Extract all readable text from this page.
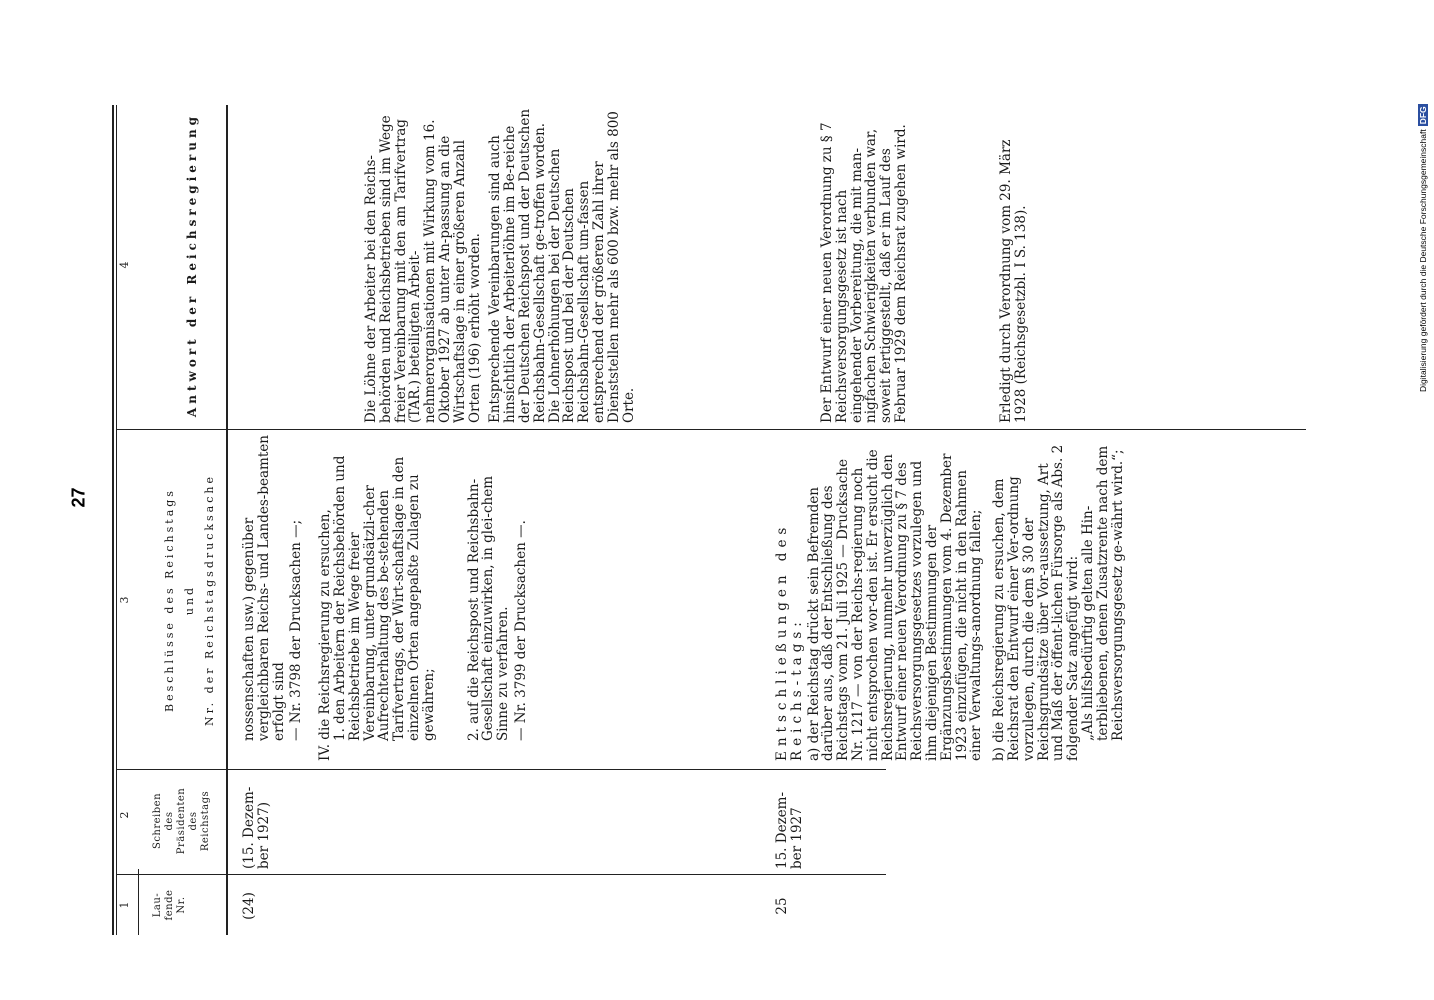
27
Digitalisierung gefördert durch die Deutsche ForschungsgemeinschaftDFG
1
2
3
4
Lau- fende Nr.
Schreiben des Präsidenten des Reichstags
Beschlüsse des Reichstags und Nr. der Reichstagsdrucksache
Antwort der Reichsregierung
(24)
(15. Dezem-ber 1927)

nossenschaften usw.) gegenüber vergleichbaren Reichs- und Landes-beamten erfolgt sind — Nr. 3798 der Drucksachen —; IV. die Reichsregierung zu ersuchen,

1. den Arbeitern der Reichsbehörden und Reichsbetriebe im Wege freier Vereinbarung, unter grundsätzli-cher Aufrechterhaltung des be-stehenden Tarifvertrags, der Wirt-schaftslage in den einzelnen Orten angepaßte Zulagen zu gewähren; 2. auf die Reichspost und Reichsbahn-Gesellschaft einzuwirken, in glei-chem Sinne zu verfahren. — Nr. 3799 der Drucksachen —.

Die Löhne der Arbeiter bei den Reichs-behörden und Reichsbetrieben sind im Wege freier Vereinbarung mit den am Tarifvertrag (TAR.) beteiligten Arbeit-nehmerorganisationen mit Wirkung vom 16. Oktober 1927 ab unter An-passung an die Wirtschaftslage in einer größeren Anzahl Orten (196) erhöht worden. Entsprechende Vereinbarungen sind auch hinsichtlich der Arbeiterlöhne im Be-reiche der Deutschen Reichspost und der Deutschen Reichsbahn-Gesellschaft ge-troffen worden. Die Lohnerhöhungen bei der Deutschen Reichspost und bei der Deutschen Reichsbahn-Gesellschaft um-fassen entsprechend der größeren Zahl ihrer Dienststellen mehr als 600 bzw. mehr als 800 Orte.

25
15. Dezem-ber 1927

Entschließungen des Reichs-tags: a) der Reichstag drückt sein Befremden darüber aus, daß der Entschließung des Reichstags vom 21. Juli 1925 — Drucksache Nr. 1217 — von der Reichs-regierung noch nicht entsprochen wor-den ist. Er ersucht die Reichsregierung, nunmehr unverzüglich den Entwurf einer neuen Verordnung zu § 7 des Reichsversorgungsgesetzes vorzulegen und ihm diejenigen Bestimmungen der Ergänzungsbestimmungen vom 4. Dezember 1923 einzufügen, die nicht in den Rahmen einer Verwaltungs-anordnung fallen; b) die Reichsregierung zu ersuchen, dem Reichsrat den Entwurf einer Ver-ordnung vorzulegen, durch die dem § 30 der Reichsgrundsätze über Vor-aussetzung, Art und Maß der öffent-lichen Fürsorge als Abs. 2 folgender Satz angefügt wird:

„Als hilfsbedürftig gelten alle Hin-terbliebenen, denen Zusatzrente nach dem Reichsversorgungsgesetz ge-währt wird.“;

Der Entwurf einer neuen Verordnung zu § 7 Reichsversorgungsgesetz ist nach eingehender Vorbereitung, die mit man-nigfachen Schwierigkeiten verbunden war, soweit fertiggestellt, daß er im Lauf des Februar 1929 dem Reichsrat zugehen wird.	Erledigt durch Verordnung vom 29. März 1928 (Reichsgesetzbl. I S. 138).
